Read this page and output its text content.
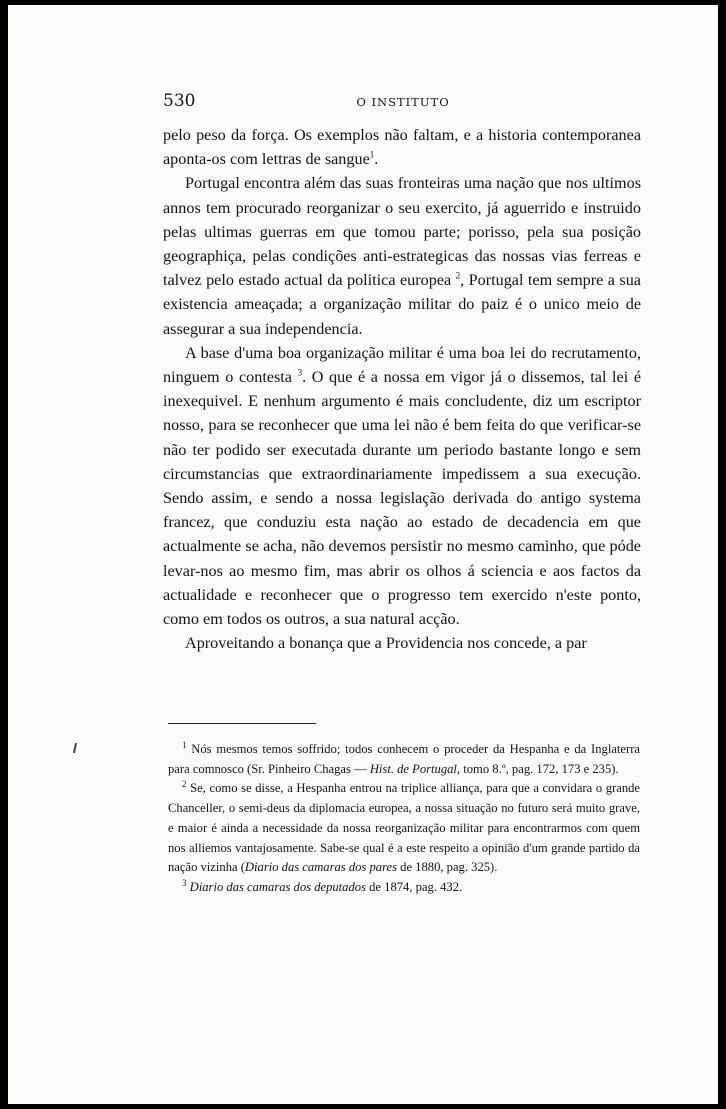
530	O INSTITUTO

pelo peso da força. Os exemplos não faltam, e a historia contemporanea aponta-os com lettras de sangue$^1$.

Portugal encontra além das suas fronteiras uma nação que nos ultimos annos tem procurado reorganizar o seu exercito, já aguerrido e instruido pelas ultimas guerras em que tomou parte; porisso, pela sua posição geographiça, pelas condições anti-estrategicas das nossas vias ferreas e talvez pelo estado actual da politica europea $^2$, Portugal tem sempre a sua existencia ameaçada; a organização militar do paiz é o unico meio de assegurar a sua independencia.

A base d'uma boa organização militar é uma boa lei do recrutamento, ninguem o contesta $^3$. O que é a nossa em vigor já o dissemos, tal lei é inexequivel. E nenhum argumento é mais concludente, diz um escriptor nosso, para se reconhecer que uma lei não é bem feita do que verificar-se não ter podido ser executada durante um periodo bastante longo e sem circumstancias que extraordinariamente impedissem a sua execução. Sendo assim, e sendo a nossa legislação derivada do antigo systema francez, que conduziu esta nação ao estado de decadencia em que actualmente se acha, não devemos persistir no mesmo caminho, que póde levar-nos ao mesmo fim, mas abrir os olhos á sciencia e aos factos da actualidade e reconhecer que o progresso tem exercido n'este ponto, como em todos os outros, a sua natural acção.

Aproveitando a bonança que a Providencia nos concede, a par

$^1$ Nós mesmos temos soffrido; todos conhecem o proceder da Hespanha e da Inglaterra para comnosco (Sr. Pinheiro Chagas — Hist. de Portugal, tomo 8.º, pag. 172, 173 e 235).

$^2$ Se, como se disse, a Hespanha entrou na triplice alliança, para que a convidara o grande Chanceller, o semi-deus da diplomacia europea, a nossa situação no futuro será muito grave, e maior é ainda a necessidade da nossa reorganização militar para encontrarmos com quem nos alliemos vantajosamente. Sabe-se qual é a este respeito a opinião d'um grande partido da nação vizinha (Diario das camaras dos pares de 1880, pag. 325).

$^3$ Diario das camaras dos deputados de 1874, pag. 432.
